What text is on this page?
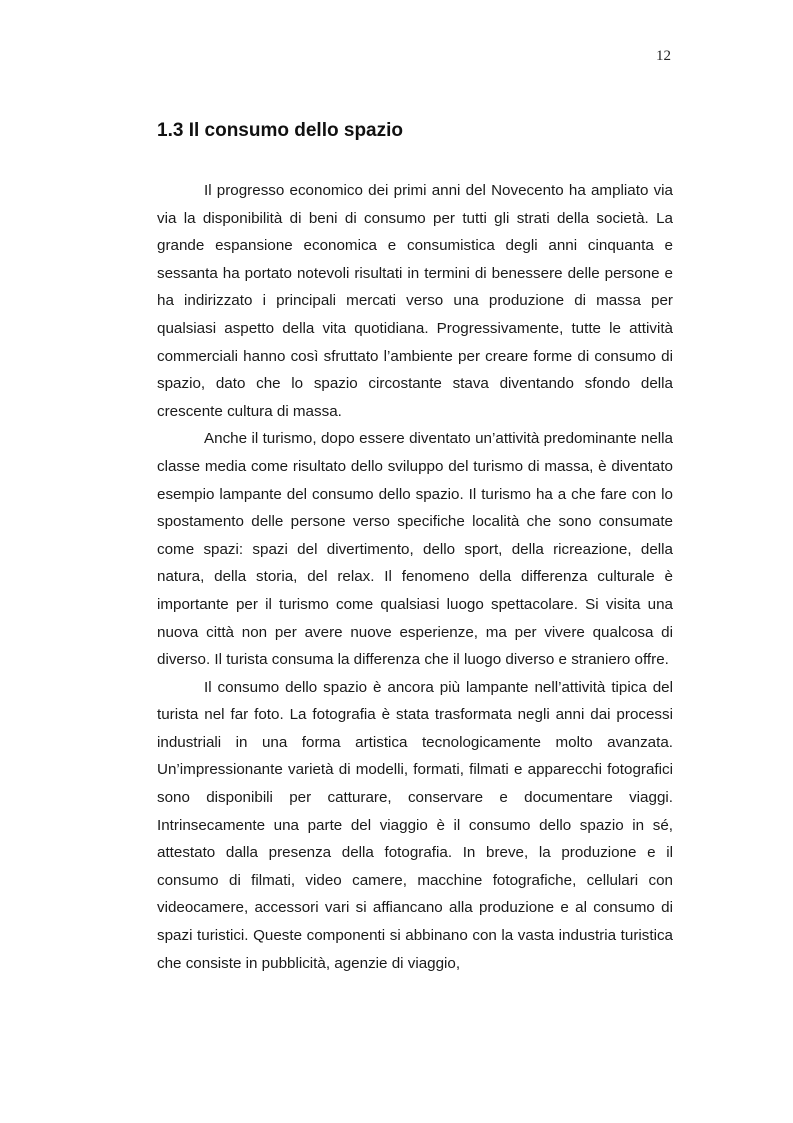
12
1.3 Il consumo dello spazio

Il progresso economico dei primi anni del Novecento ha ampliato via via la disponibilità di beni di consumo per tutti gli strati della società. La grande espansione economica e consumistica degli anni cinquanta e sessanta ha portato notevoli risultati in termini di benessere delle persone e ha indirizzato i principali mercati verso una produzione di massa per qualsiasi aspetto della vita quotidiana. Progressivamente, tutte le attività commerciali hanno così sfruttato l’ambiente per creare forme di consumo di spazio, dato che lo spazio circostante stava diventando sfondo della crescente cultura di massa.

Anche il turismo, dopo essere diventato un’attività predominante nella classe media come risultato dello sviluppo del turismo di massa, è diventato esempio lampante del consumo dello spazio. Il turismo ha a che fare con lo spostamento delle persone verso specifiche località che sono consumate come spazi: spazi del divertimento, dello sport, della ricreazione, della natura, della storia, del relax. Il fenomeno della differenza culturale è importante per il turismo come qualsiasi luogo spettacolare. Si visita una nuova città non per avere nuove esperienze, ma per vivere qualcosa di diverso. Il turista consuma la differenza che il luogo diverso e straniero offre.

Il consumo dello spazio è ancora più lampante nell’attività tipica del turista nel far foto. La fotografia è stata trasformata negli anni dai processi industriali in una forma artistica tecnologicamente molto avanzata. Un’impressionante varietà di modelli, formati, filmati e apparecchi fotografici sono disponibili per catturare, conservare e documentare viaggi. Intrinsecamente una parte del viaggio è il consumo dello spazio in sé, attestato dalla presenza della fotografia. In breve, la produzione e il consumo di filmati, video camere, macchine fotografiche, cellulari con videocamere, accessori vari si affiancano alla produzione e al consumo di spazi turistici. Queste componenti si abbinano con la vasta industria turistica che consiste in pubblicità, agenzie di viaggio,
